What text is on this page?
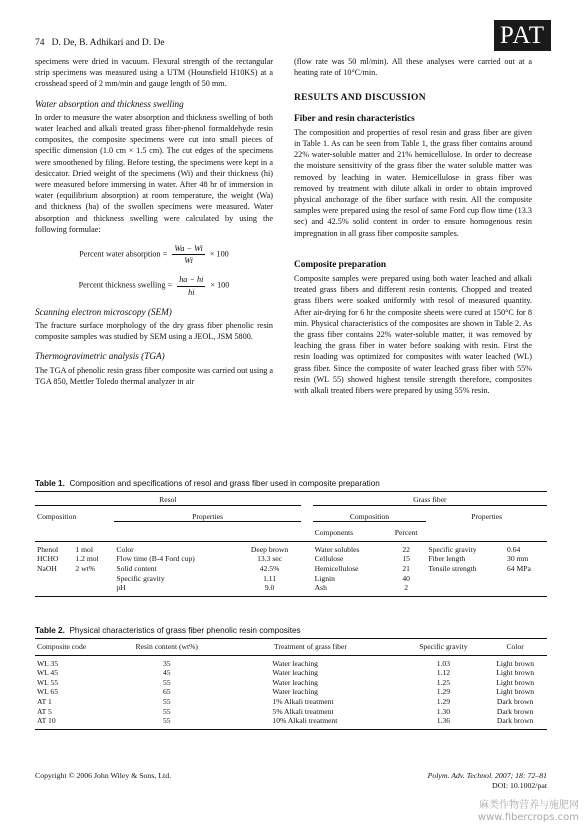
74 D. De, B. Adhikari and D. De	PAT

specimens were dried in vacuum. Flexural strength of the rectangular strip specimens was measured using a UTM (Hounsfield H10KS) at a crosshead speed of 2 mm/min and gauge length of 50 mm.

Water absorption and thickness swelling

In order to measure the water absorption and thickness swelling of both water leached and alkali treated grass fiber-phenol formaldehyde resin composites, the composite specimens were cut into small pieces of specific dimension (1.0 cm × 1.5 cm). The cut edges of the specimens were smoothened by filing. Before testing, the specimens were kept in a desiccator. Dried weight of the specimens (Wi) and their thickness (hi) were measured before immersing in water. After 48 hr of immersion in water (equilibrium absorption) at room temperature, the weight (Wa) and thickness (ha) of the swollen specimens were measured. Water absorption and thickness swelling were calculated by using the following formulae:

Percent water absorption = $\frac{Wa - Wi}{Wi} \times 100$
Percent thickness swelling = $\frac{ha - hi}{hi} \times 100$
Scanning electron microscopy (SEM)

The fracture surface morphology of the dry grass fiber phenolic resin composite samples was studied by SEM using a JEOL, JSM 5800.

Thermogravimetric analysis (TGA)

The TGA of phenolic resin grass fiber composite was carried out using a TGA 850, Mettler Toledo thermal analyzer in air

(flow rate was 50 ml/min). All these analyses were carried out at a heating rate of 10°C/min.

RESULTS AND DISCUSSION
Fiber and resin characteristics

The composition and properties of resol resin and grass fiber are given in Table 1. As can be seen from Table 1, the grass fiber contains around 22% water-soluble matter and 21% hemicellulose. In order to decrease the moisture sensitivity of the grass fiber the water soluble matter was removed by leaching in water. Hemicellulose in grass fiber was removed by treatment with dilute alkali in order to obtain improved physical anchorage of the fiber surface with resin. All the composite samples were prepared using the resol of same Ford cup flow time (13.3 sec) and 42.5% solid content in order to ensure homogenous resin impregnation in all grass fiber composite samples.

Composite preparation

Composite samples were prepared using both water leached and alkali treated grass fibers and different resin contents. Chopped and treated grass fibers were soaked uniformly with resol of measured quantity. After air-drying for 6 hr the composite sheets were cured at 150°C for 8 min. Physical characteristics of the composites are shown in Table 2. As the grass fiber contains 22% water-soluble matter, it was removed by leaching the grass fiber in water before soaking with resin. First the resin loading was optimized for composites with water leached (WL) grass fiber. Since the composite of water leached grass fiber with 55% resin (WL 55) showed highest tensile strength therefore, composites with alkali treated fibers were prepared by using 55% resin.

Table 1. Composition and specifications of resol and grass fiber used in composite preparation
Resol					Grass fiber			
Composition		Properties			Composition		Properties	
					Components	Percent		
Phenol	1 mol	Color	Deep brown		Water solubles	22	Specific gravity	0.64
HCHO	1.2 mol	Flow time (B-4 Ford cup)	13.3 sec		Cellulose	15	Fiber length	30 mm
NaOH	2 wt%	Solid content	42.5%		Hemicellulose	21	Tensile strength	64 MPa
		Specific gravity	1.11		Lignin	40		
		pH	9.0		Ash	2		
Table 2. Physical characteristics of grass fiber phenolic resin composites
Composite code	Resin content (wt%)	Treatment of grass fiber	Specific gravity	Color
WL 35	35	Water leaching	1.03	Light brown
WL 45	45	Water leaching	1.12	Light brown
WL 55	55	Water leaching	1.25	Light brown
WL 65	65	Water leaching	1.29	Light brown
AT 1	55	1% Alkali treatment	1.29	Dark brown
AT 5	55	5% Alkali treatment	1.30	Dark brown
AT 10	55	10% Alkali treatment	1.36	Dark brown
Copyright © 2006 John Wiley & Sons, Ltd.	Polym. Adv. Technol. 2007; 18: 72–81
DOI: 10.1002/pat
麻类作物营养与施肥网
www.fibercrops.com
